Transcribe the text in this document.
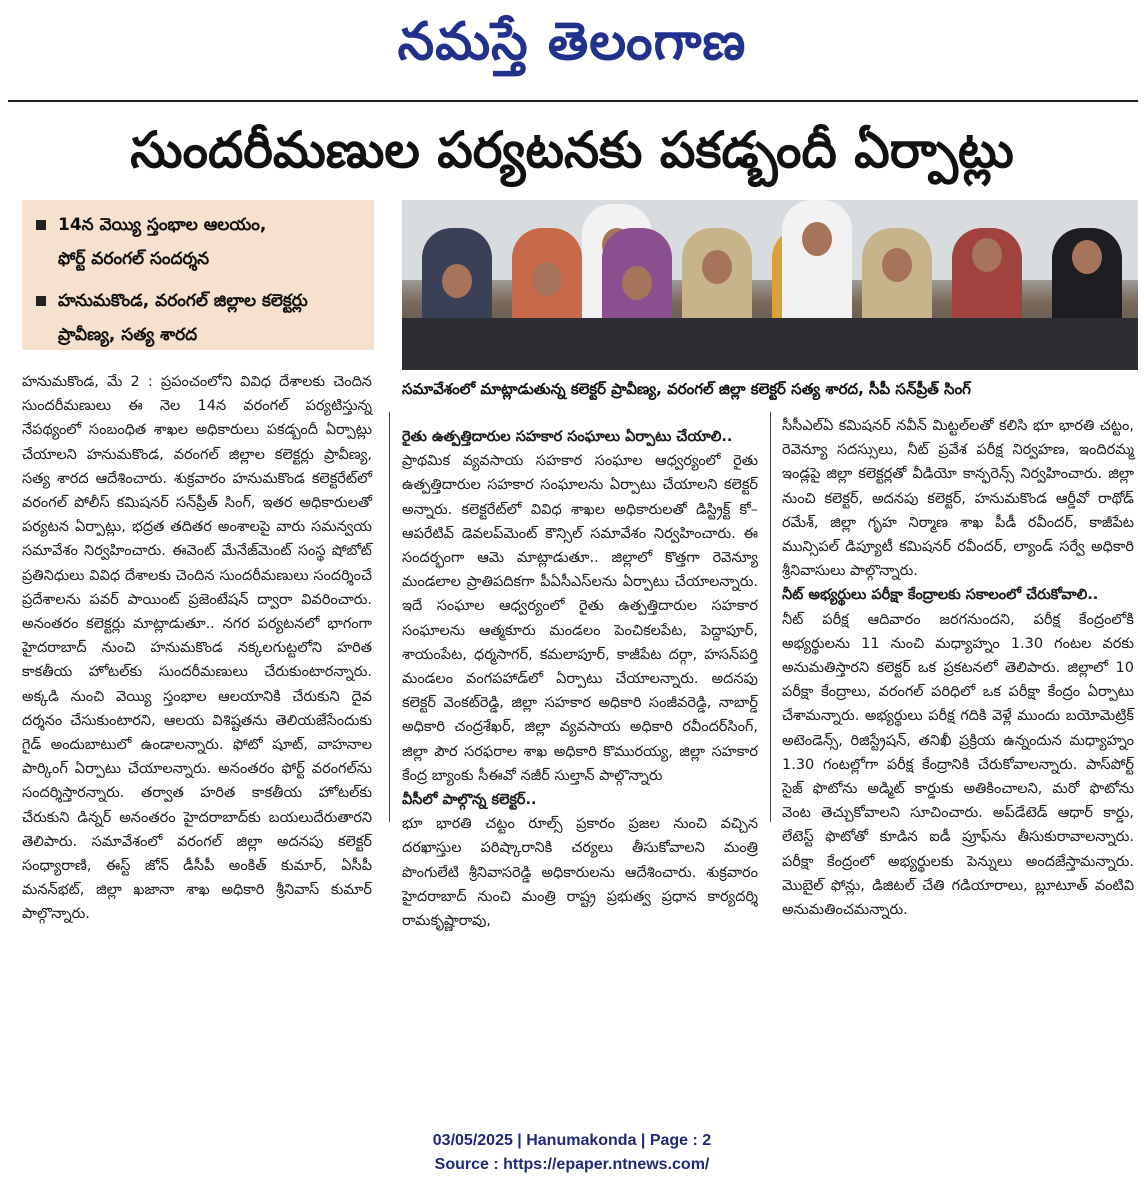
నమస్తే తెలంగాణ
సుందరీమణుల పర్యటనకు పకడ్బందీ ఏర్పాట్లు
14న వెయ్యి స్తంభాల ఆలయం,
ఫోర్ట్ వరంగల్ సందర్శన
హనుమకొండ, వరంగల్ జిల్లాల కలెక్టర్లు
ప్రావీణ్య, సత్య శారద
సమావేశంలో మాట్లాడుతున్న కలెక్టర్ ప్రావీణ్య, వరంగల్ జిల్లా కలెక్టర్ సత్య శారద, సీపీ సన్‌ప్రీత్ సింగ్

హనుమకొండ, మే 2 : ప్రపంచంలోని వివిధ దేశాలకు చెందిన సుందరీమణులు ఈ నెల 14న వరంగల్ పర్యటిస్తున్న నేపథ్యంలో సంబంధిత శాఖల అధికారులు పకడ్బందీ ఏర్పాట్లు చేయాలని హనుమకొండ, వరంగల్ జిల్లాల కలెక్టర్లు ప్రావీణ్య, సత్య శారద ఆదేశించారు. శుక్రవారం హనుమకొండ కలెక్టరేట్‌లో వరంగల్ పోలీస్ కమిషనర్ సన్‌ప్రీత్ సింగ్, ఇతర అధికారులతో పర్యటన ఏర్పాట్లు, భద్రత తదితర అంశాలపై వారు సమన్వయ సమావేశం నిర్వహించారు. ఈవెంట్ మేనేజ్‌మెంట్ సంస్థ షోబోట్ ప్రతినిధులు వివిధ దేశాలకు చెందిన సుందరీమణులు సందర్శించే ప్రదేశాలను పవర్ పాయింట్ ప్రజెంటేషన్ ద్వారా వివరించారు. అనంతరం కలెక్టర్లు మాట్లాడుతూ.. నగర పర్యటనలో భాగంగా హైదరాబాద్ నుంచి హనుమకొండ నక్కలగుట్టలోని హరిత కాకతీయ హోటల్‌కు సుందరీమణులు చేరుకుంటారన్నారు. అక్కడి నుంచి వెయ్యి స్తంభాల ఆలయానికి చేరుకుని దైవ దర్శనం చేసుకుంటారని, ఆలయ విశిష్టతను తెలియజేసేందుకు గైడ్ అందుబాటులో ఉండాలన్నారు. ఫోటో షూట్, వాహనాల పార్కింగ్ ఏర్పాటు చేయాలన్నారు. అనంతరం ఫోర్ట్ వరంగల్‌ను సందర్శిస్తారన్నారు. తర్వాత హరిత కాకతీయ హోటల్‌కు చేరుకుని డిన్నర్ అనంతరం హైదరాబాద్‌కు బయలుదేరుతారని తెలిపారు. సమావేశంలో వరంగల్ జిల్లా అదనపు కలెక్టర్ సంధ్యారాణి, ఈస్ట్ జోన్ డీసీపీ అంకిత్ కుమార్, ఏసీపీ మనన్‌భట్, జిల్లా ఖజానా శాఖ అధికారి శ్రీనివాస్ కుమార్ పాల్గొన్నారు.

రైతు ఉత్పత్తిదారుల సహకార సంఘాలు ఏర్పాటు చేయాలి..

ప్రాథమిక వ్యవసాయ సహకార సంఘాల ఆధ్వర్యంలో రైతు ఉత్పత్తిదారుల సహకార సంఘాలను ఏర్పాటు చేయాలని కలెక్టర్ అన్నారు. కలెక్టరేట్‌లో వివిధ శాఖల అధికారులతో డిస్ట్రిక్ట్ కో–ఆపరేటివ్ డెవలప్‌మెంట్ కౌన్సిల్ సమావేశం నిర్వహించారు. ఈ సందర్భంగా ఆమె మాట్లాడుతూ.. జిల్లాలో కొత్తగా రెవెన్యూ మండలాల ప్రాతిపదికగా పీఏసీఎస్‌లను ఏర్పాటు చేయాలన్నారు. ఇదే సంఘాల ఆధ్వర్యంలో రైతు ఉత్పత్తిదారుల సహకార సంఘాలను ఆత్మకూరు మండలం పెంచికలపేట, పెద్దాపూర్, శాయంపేట, ధర్మసాగర్, కమలాపూర్, కాజీపేట దర్గా, హసన్‌పర్తి మండలం వంగపహాడ్‌లో ఏర్పాటు చేయాలన్నారు. అదనపు కలెక్టర్ వెంకట్‌రెడ్డి, జిల్లా సహకార అధికారి సంజీవరెడ్డి, నాబార్డ్ అధికారి చంద్రశేఖర్, జిల్లా వ్యవసాయ అధికారి రవీందర్‌సింగ్, జిల్లా పౌర సరఫరాల శాఖ అధికారి కొమురయ్య, జిల్లా సహకార కేంద్ర బ్యాంకు సీఈవో నజీర్ సుల్తాన్ పాల్గొన్నారు

వీసీలో పాల్గొన్న కలెక్టర్..

భూ భారతి చట్టం రూల్స్ ప్రకారం ప్రజల నుంచి వచ్చిన దరఖాస్తుల పరిష్కారానికి చర్యలు తీసుకోవాలని మంత్రి పొంగులేటి శ్రీనివాసరెడ్డి అధికారులను ఆదేశించారు. శుక్రవారం హైదరాబాద్ నుంచి మంత్రి రాష్ట్ర ప్రభుత్వ ప్రధాన కార్యదర్శి రామకృష్ణారావు,

సీసీఎల్ఏ కమిషనర్ నవీన్ మిట్టల్‌లతో కలిసి భూ భారతి చట్టం, రెవెన్యూ సదస్సులు, నీట్ ప్రవేశ పరీక్ష నిర్వహణ, ఇందిరమ్మ ఇండ్లపై జిల్లా కలెక్టర్లతో వీడియో కాన్ఫరెన్స్ నిర్వహించారు. జిల్లా నుంచి కలెక్టర్, అదనపు కలెక్టర్, హనుమకొండ ఆర్డీవో రాథోడ్ రమేశ్, జిల్లా గృహ నిర్మాణ శాఖ పీడీ రవీందర్, కాజీపేట మున్సిపల్ డిప్యూటీ కమిషనర్ రవీందర్, ల్యాండ్ సర్వే అధికారి శ్రీనివాసులు పాల్గొన్నారు.

నీట్ అభ్యర్థులు పరీక్షా కేంద్రాలకు సకాలంలో చేరుకోవాలి..

నీట్ పరీక్ష ఆదివారం జరగనుందని, పరీక్ష కేంద్రంలోకి అభ్యర్థులను 11 నుంచి మధ్యాహ్నం 1.30 గంటల వరకు అనుమతిస్తారని కలెక్టర్ ఒక ప్రకటనలో తెలిపారు. జిల్లాలో 10 పరీక్షా కేంద్రాలు, వరంగల్ పరిధిలో ఒక పరీక్షా కేంద్రం ఏర్పాటు చేశామన్నారు. అభ్యర్థులు పరీక్ష గదికి వెళ్లే ముందు బయోమెట్రిక్ అటెండెన్స్, రిజిస్ట్రేషన్, తనిఖీ ప్రక్రియ ఉన్నందున మధ్యాహ్నం 1.30 గంటల్లోగా పరీక్ష కేంద్రానికి చేరుకోవాలన్నారు. పాస్‌పోర్ట్ సైజ్ ఫొటోను అడ్మిట్ కార్డుకు అతికించాలని, మరో ఫొటోను వెంట తెచ్చుకోవాలని సూచించారు. అప్‌డేటెడ్ ఆధార్ కార్డు, లేటెస్ట్ ఫొటోతో కూడిన ఐడీ ప్రూఫ్‌ను తీసుకురావాలన్నారు. పరీక్షా కేంద్రంలో అభ్యర్థులకు పెన్నులు అందజేస్తామన్నారు. మొబైల్ ఫోన్లు, డిజిటల్ చేతి గడియారాలు, బ్లూటూత్ వంటివి అనుమతించమన్నారు.

03/05/2025 | Hanumakonda | Page : 2
Source : https://epaper.ntnews.com/
